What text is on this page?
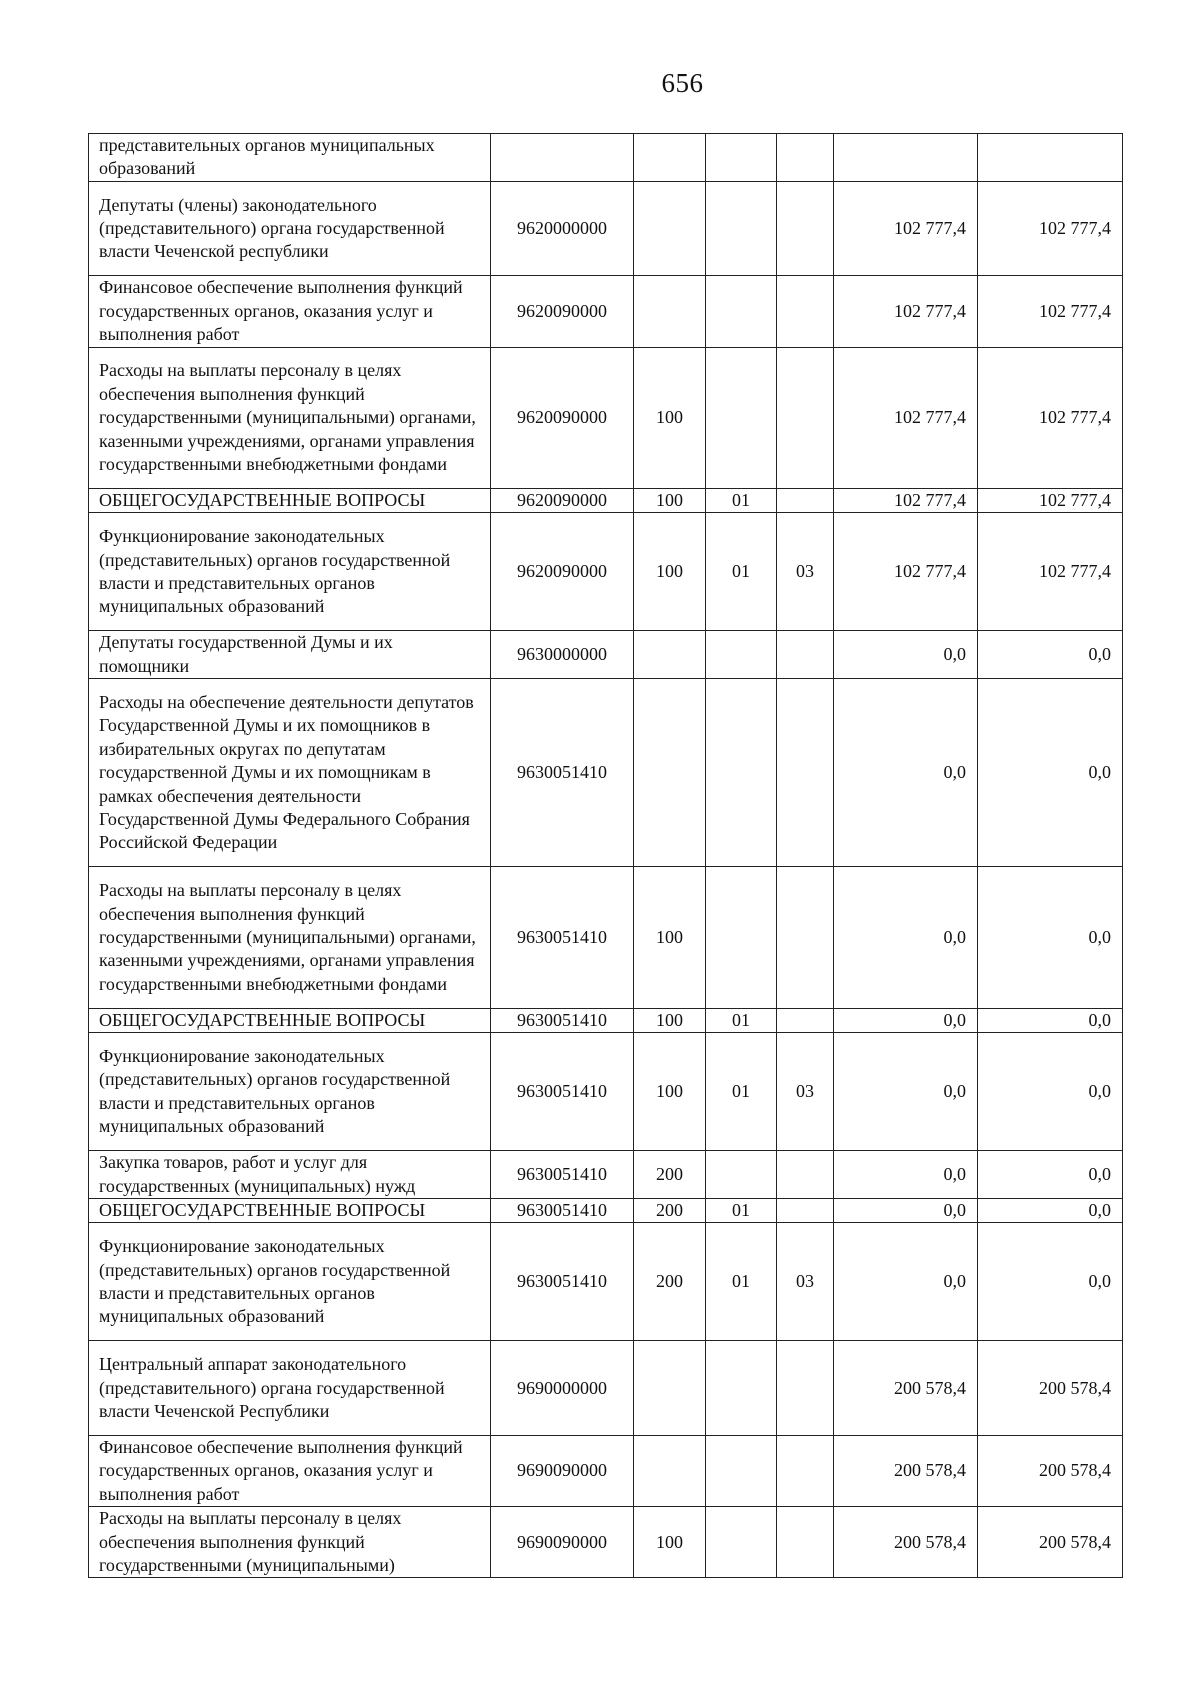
656
представительных органов муниципальных образований						
Депутаты (члены) законодательного (представительного) органа государственной власти Чеченской республики	9620000000				102 777,4	102 777,4
Финансовое обеспечение выполнения функций государственных органов, оказания услуг и выполнения работ	9620090000				102 777,4	102 777,4
Расходы на выплаты персоналу в целях обеспечения выполнения функций государственными (муниципальными) органами, казенными учреждениями, органами управления государственными внебюджетными фондами	9620090000	100			102 777,4	102 777,4
ОБЩЕГОСУДАРСТВЕННЫЕ ВОПРОСЫ	9620090000	100	01		102 777,4	102 777,4
Функционирование законодательных (представительных) органов государственной власти и представительных органов муниципальных образований	9620090000	100	01	03	102 777,4	102 777,4
Депутаты государственной Думы и их помощники	9630000000				0,0	0,0
Расходы на обеспечение деятельности депутатов Государственной Думы и их помощников в избирательных округах по депутатам государственной Думы и их помощникам в рамках обеспечения деятельности Государственной Думы Федерального Собрания Российской Федерации	9630051410				0,0	0,0
Расходы на выплаты персоналу в целях обеспечения выполнения функций государственными (муниципальными) органами, казенными учреждениями, органами управления государственными внебюджетными фондами	9630051410	100			0,0	0,0
ОБЩЕГОСУДАРСТВЕННЫЕ ВОПРОСЫ	9630051410	100	01		0,0	0,0
Функционирование законодательных (представительных) органов государственной власти и представительных органов муниципальных образований	9630051410	100	01	03	0,0	0,0
Закупка товаров, работ и услуг для государственных (муниципальных) нужд	9630051410	200			0,0	0,0
ОБЩЕГОСУДАРСТВЕННЫЕ ВОПРОСЫ	9630051410	200	01		0,0	0,0
Функционирование законодательных (представительных) органов государственной власти и представительных органов муниципальных образований	9630051410	200	01	03	0,0	0,0
Центральный аппарат законодательного (представительного) органа государственной власти Чеченской Республики	9690000000				200 578,4	200 578,4
Финансовое обеспечение выполнения функций государственных органов, оказания услуг и выполнения работ	9690090000				200 578,4	200 578,4
Расходы на выплаты персоналу в целях обеспечения выполнения функций государственными (муниципальными)	9690090000	100			200 578,4	200 578,4
